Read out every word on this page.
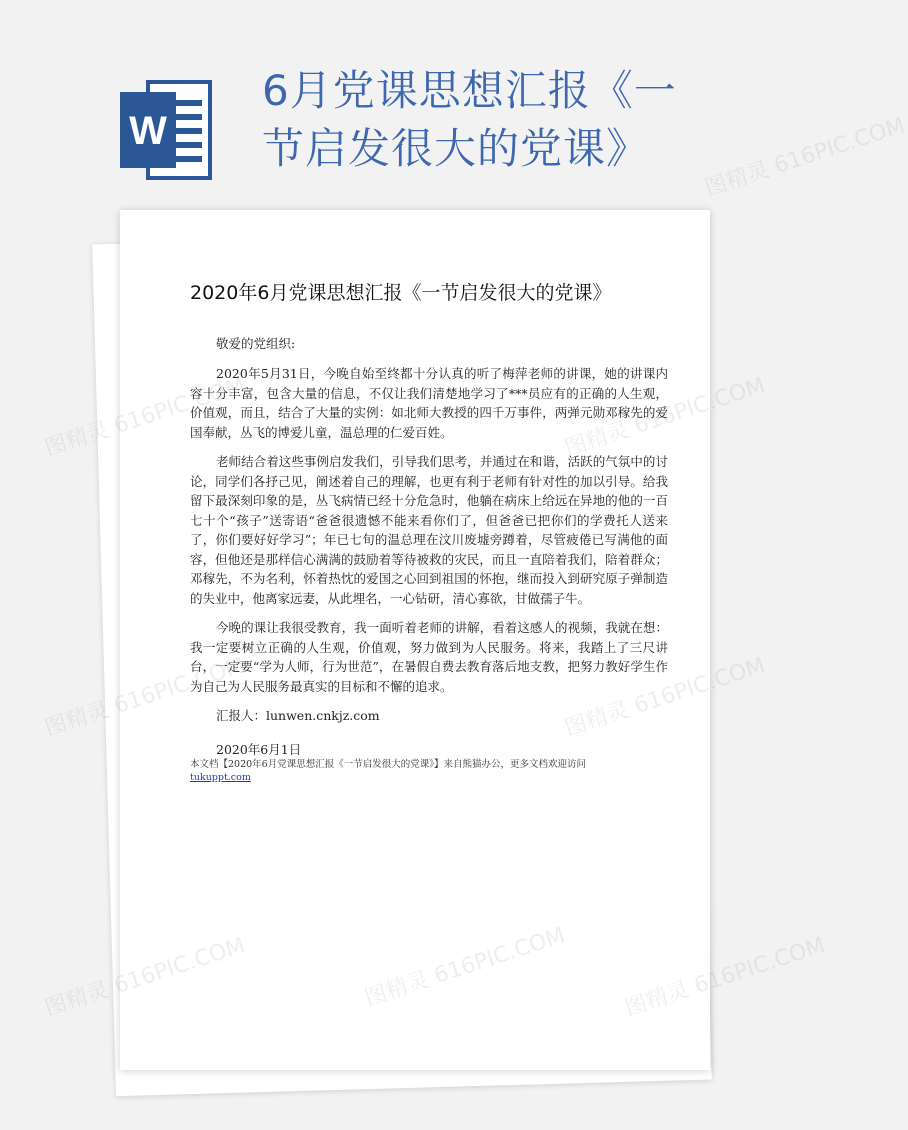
W
6月党课思想汇报《一
节启发很大的党课》
2020年6月党课思想汇报《一节启发很大的党课》

敬爱的党组织:

2020年5月31日，今晚自始至终都十分认真的听了梅萍老师的讲课，她的讲课内容十分丰富，包含大量的信息，不仅让我们清楚地学习了***员应有的正确的人生观，价值观，而且，结合了大量的实例：如北师大教授的四千万事件，两弹元勋邓稼先的爱国奉献，丛飞的博爱儿童，温总理的仁爱百姓。

老师结合着这些事例启发我们，引导我们思考，并通过在和谐，活跃的气氛中的讨论，同学们各抒己见，阐述着自己的理解，也更有利于老师有针对性的加以引导。给我留下最深刻印象的是，丛飞病情已经十分危急时，他躺在病床上给远在异地的他的一百七十个“孩子”送寄语“爸爸很遗憾不能来看你们了，但爸爸已把你们的学费托人送来了，你们要好好学习”；年已七旬的温总理在汶川废墟旁蹲着，尽管疲倦已写满他的面容，但他还是那样信心满满的鼓励着等待被救的灾民，而且一直陪着我们，陪着群众；邓稼先，不为名利，怀着热忱的爱国之心回到祖国的怀抱，继而投入到研究原子弹制造的失业中，他离家远妻，从此埋名，一心钻研，清心寡欲，甘做孺子牛。

今晚的课让我很受教育，我一面听着老师的讲解，看着这感人的视频，我就在想：我一定要树立正确的人生观，价值观，努力做到为人民服务。将来，我踏上了三尺讲台，一定要“学为人师，行为世范”，在暑假自费去教育落后地支教，把努力教好学生作为自己为人民服务最真实的目标和不懈的追求。

汇报人：lunwen.cnkjz.com

2020年6月1日

本文档【2020年6月党课思想汇报《一节启发很大的党课》】来自熊猫办公，更多文档欢迎访问
tukuppt.com
图精灵 616PIC.COM
图精灵
图精灵
图精灵	图精灵 616PIC.COM
